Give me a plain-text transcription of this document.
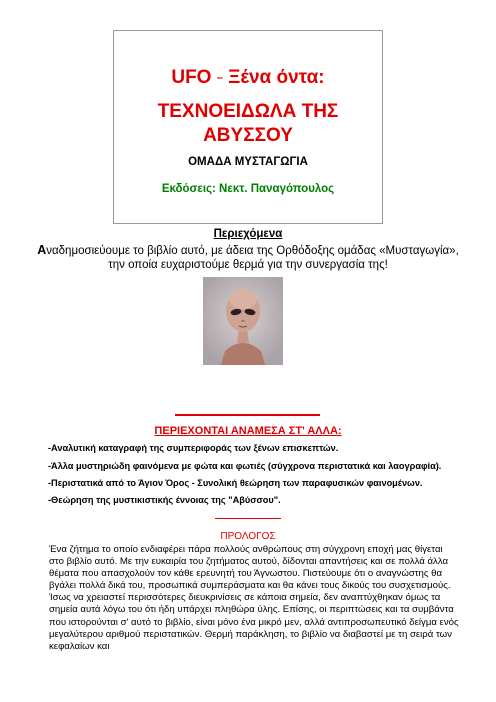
UFO – Ξένα όντα:
ΤΕΧΝΟΕΙΔΩΛΑ ΤΗΣ ΑΒΥΣΣΟΥ
ΟΜΑΔΑ ΜΥΣΤΑΓΩΓΙΑ
Εκδόσεις: Νεκτ. Παναγόπουλος
Περιεχόμενα
Αναδημοσιεύουμε το βιβλίο αυτό, με άδεια της Ορθόδοξης ομάδας «Μυσταγωγία», την οποία ευχαριστούμε θερμά για την συνεργασία της!
ΠΕΡΙΕΧΟΝΤΑΙ ΑΝΑΜΕΣΑ ΣΤ' ΑΛΛΑ:
-Αναλυτική καταγραφή της συμπεριφοράς των ξένων επισκεπτών.
-Άλλα μυστηριώδη φαινόμενα με φώτα και φωτιές (σύγχρονα περιστατικά και λαογραφία).
-Περιστατικά από το Άγιον Όρος - Συνολική θεώρηση των παραφυσικών φαινομένων.
-Θεώρηση της μυστικιστικής έννοιας της "Αβύσσου".
ΠΡΟΛΟΓΟΣ
Ένα ζήτημα το οποίο ενδιαφέρει πάρα πολλούς ανθρώπους στη σύγχρονη εποχή μας θίγεται στο βιβλίο αυτό. Με την ευκαιρία του ζητήματος αυτού, δίδονται απαντήσεις και σε πολλά άλλα θέματα που απασχολούν τον κάθε ερευνητή του Άγνωστου. Πιστεύουμε ότι ο αναγνώστης θα βγάλει πολλά δικά του, προσωπικά συμπεράσματα και θα κάνει τους δικούς του συσχετισμούς. Ίσως να χρειαστεί περισσότερες διευκρινίσεις σε κάποια σημεία, δεν αναπτύχθηκαν όμως τα σημεία αυτά λόγω του ότι ήδη υπάρχει πληθώρα ύλης. Επίσης, οι περιπτώσεις και τα συμβάντα που ιστορούνται σ' αυτό το βιβλίο, είναι μόνο ένα μικρό μεν, αλλά αντιπροσωπευτικό δείγμα ενός μεγαλύτερου αριθμού περιστατικών. Θερμή παράκληση, το βιβλίο να διαβαστεί με τη σειρά των κεφαλαίων και
